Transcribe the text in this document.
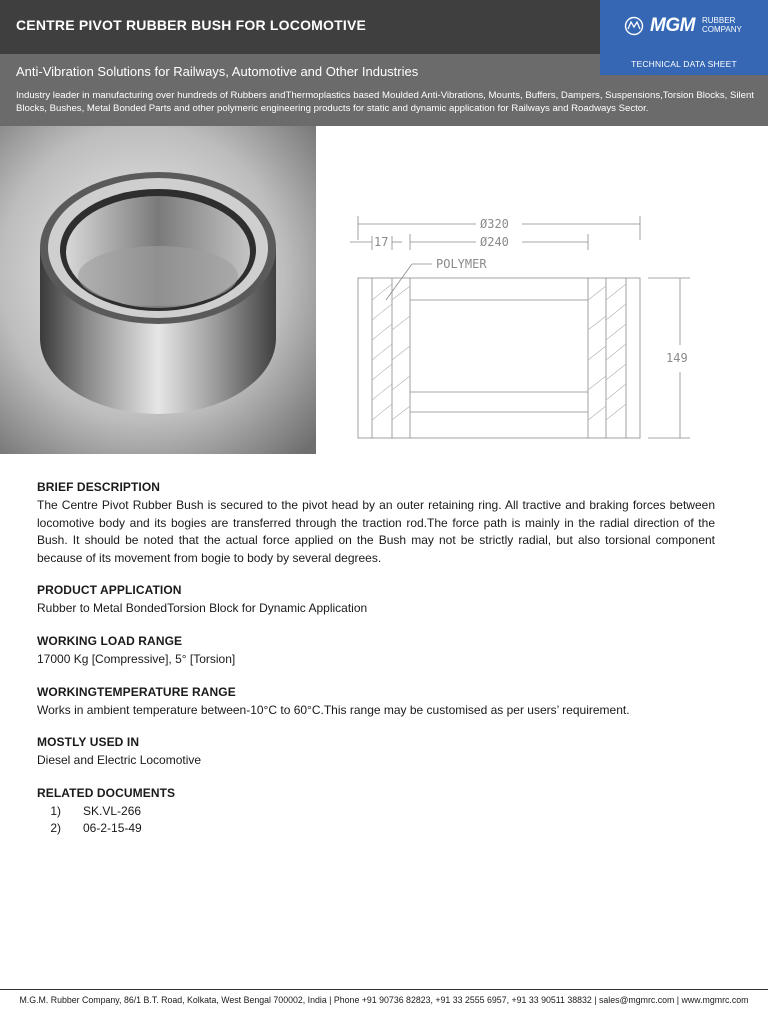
CENTRE PIVOT RUBBER BUSH FOR LOCOMOTIVE	MGM RUBBER
COMPANY
Anti-Vibration Solutions for Railways, Automotive and Other Industries	TECHNICAL DATA SHEET
Industry leader in manufacturing over hundreds of Rubbers andThermoplastics based Moulded Anti-Vibrations, Mounts, Buffers, Dampers, Suspensions,Torsion Blocks, Silent Blocks, Bushes, Metal Bonded Parts and other polymeric engineering products for static and dynamic application for Railways and Roadways Sector.
Ø320
Ø240
17
POLYMER
149
BRIEF DESCRIPTION

The Centre Pivot Rubber Bush is secured to the pivot head by an outer retaining ring. All tractive and braking forces between locomotive body and its bogies are transferred through the traction rod.The force path is mainly in the radial direction of the Bush. It should be noted that the actual force applied on the Bush may not be strictly radial, but also torsional component because of its movement from bogie to body by several degrees.

PRODUCT APPLICATION

Rubber to Metal BondedTorsion Block for Dynamic Application

WORKING LOAD RANGE

17000 Kg [Compressive], 5° [Torsion]

WORKINGTEMPERATURE RANGE

Works in ambient temperature between-10°C to 60°C.This range may be customised as per users’ requirement.

MOSTLY USED IN

Diesel and Electric Locomotive

RELATED DOCUMENTS
1) SK.VL-266
2) 06-2-15-49
M.G.M. Rubber Company, 86/1 B.T. Road, Kolkata, West Bengal 700002, India | Phone +91 90736 82823, +91 33 2555 6957, +91 33 90511 38832 | sales@mgmrc.com | www.mgmrc.com
